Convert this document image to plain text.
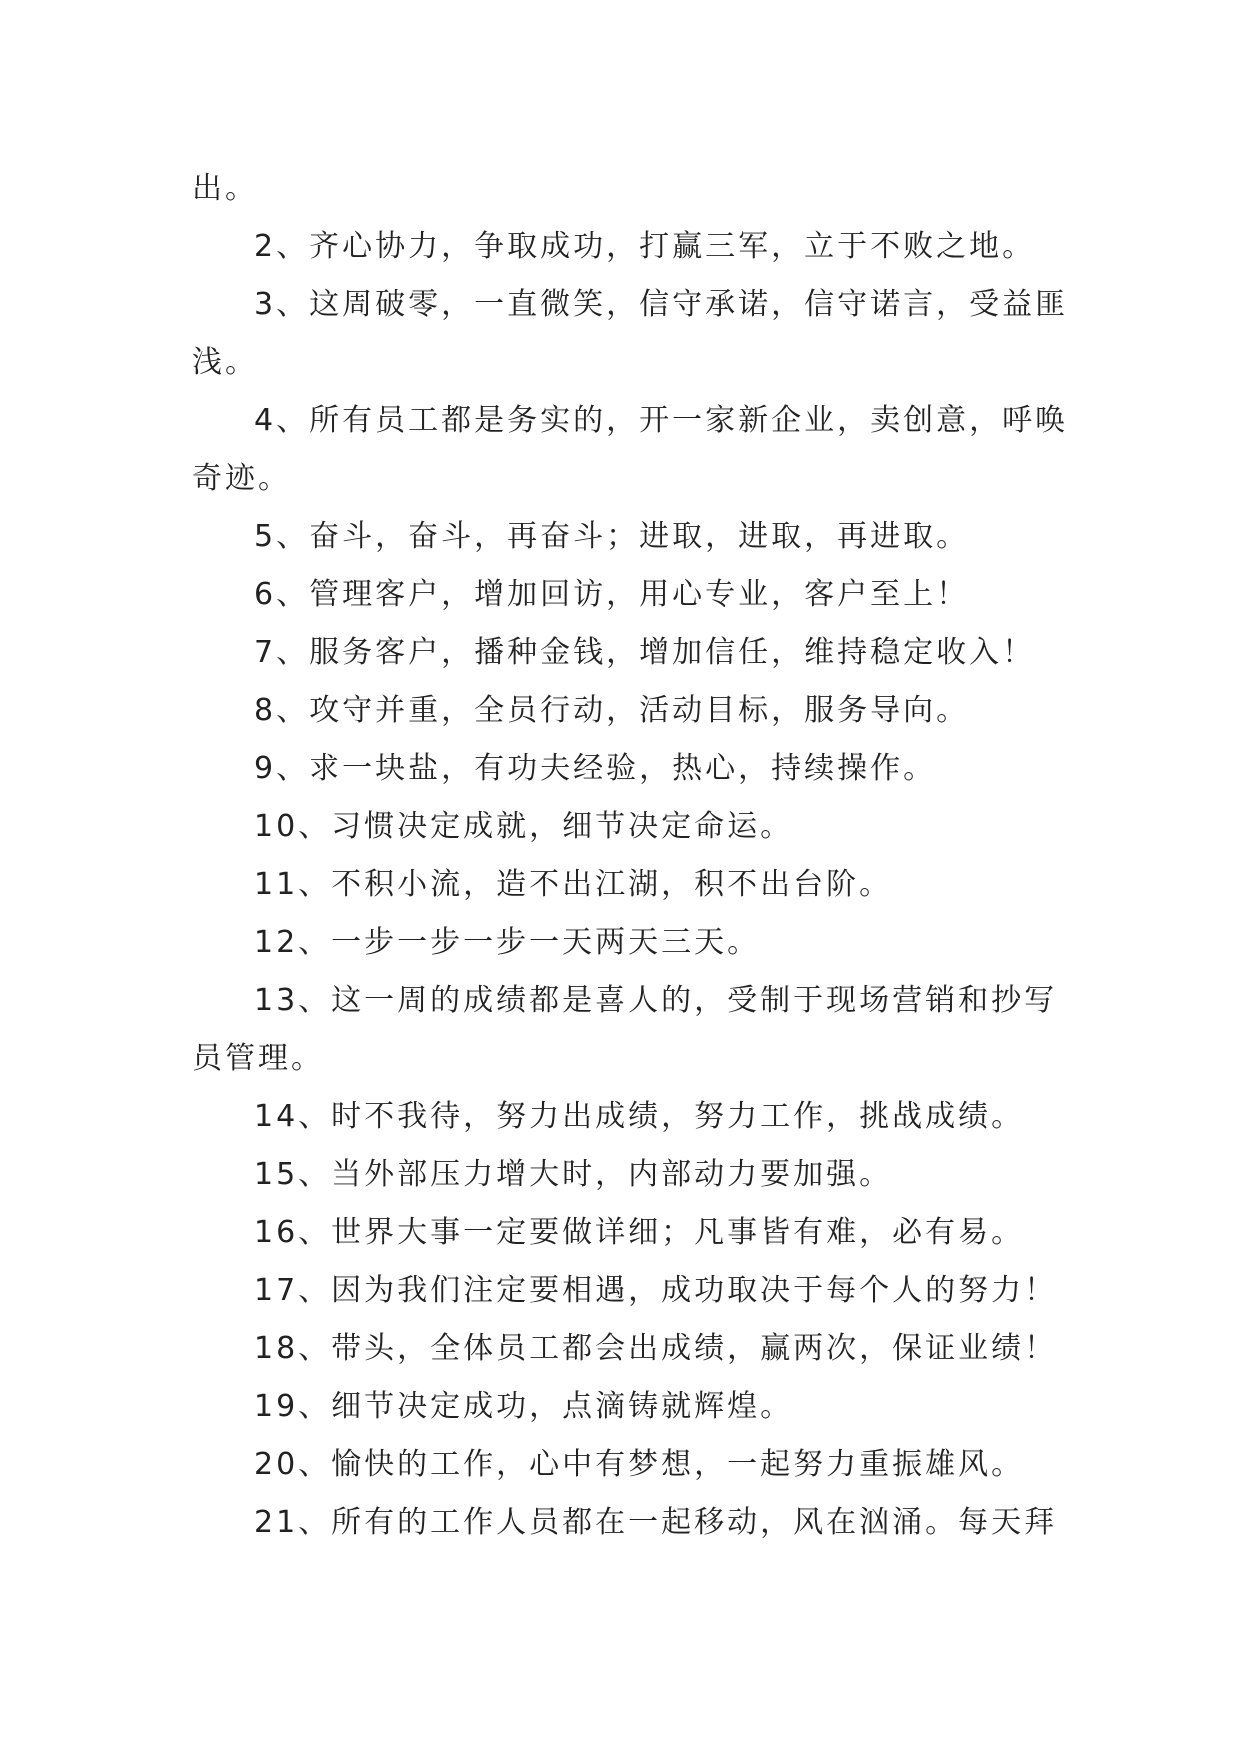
出。

2、齐心协力，争取成功，打赢三军，立于不败之地。

3、这周破零，一直微笑，信守承诺，信守诺言，受益匪浅。

4、所有员工都是务实的，开一家新企业，卖创意，呼唤奇迹。

5、奋斗，奋斗，再奋斗；进取，进取，再进取。

6、管理客户，增加回访，用心专业，客户至上！

7、服务客户，播种金钱，增加信任，维持稳定收入！

8、攻守并重，全员行动，活动目标，服务导向。

9、求一块盐，有功夫经验，热心，持续操作。

10、习惯决定成就，细节决定命运。

11、不积小流，造不出江湖，积不出台阶。

12、一步一步一步一天两天三天。

13、这一周的成绩都是喜人的，受制于现场营销和抄写员管理。

14、时不我待，努力出成绩，努力工作，挑战成绩。

15、当外部压力增大时，内部动力要加强。

16、世界大事一定要做详细；凡事皆有难，必有易。

17、因为我们注定要相遇，成功取决于每个人的努力！

18、带头，全体员工都会出成绩，赢两次，保证业绩！

19、细节决定成功，点滴铸就辉煌。

20、愉快的工作，心中有梦想，一起努力重振雄风。

21、所有的工作人员都在一起移动，风在汹涌。每天拜
